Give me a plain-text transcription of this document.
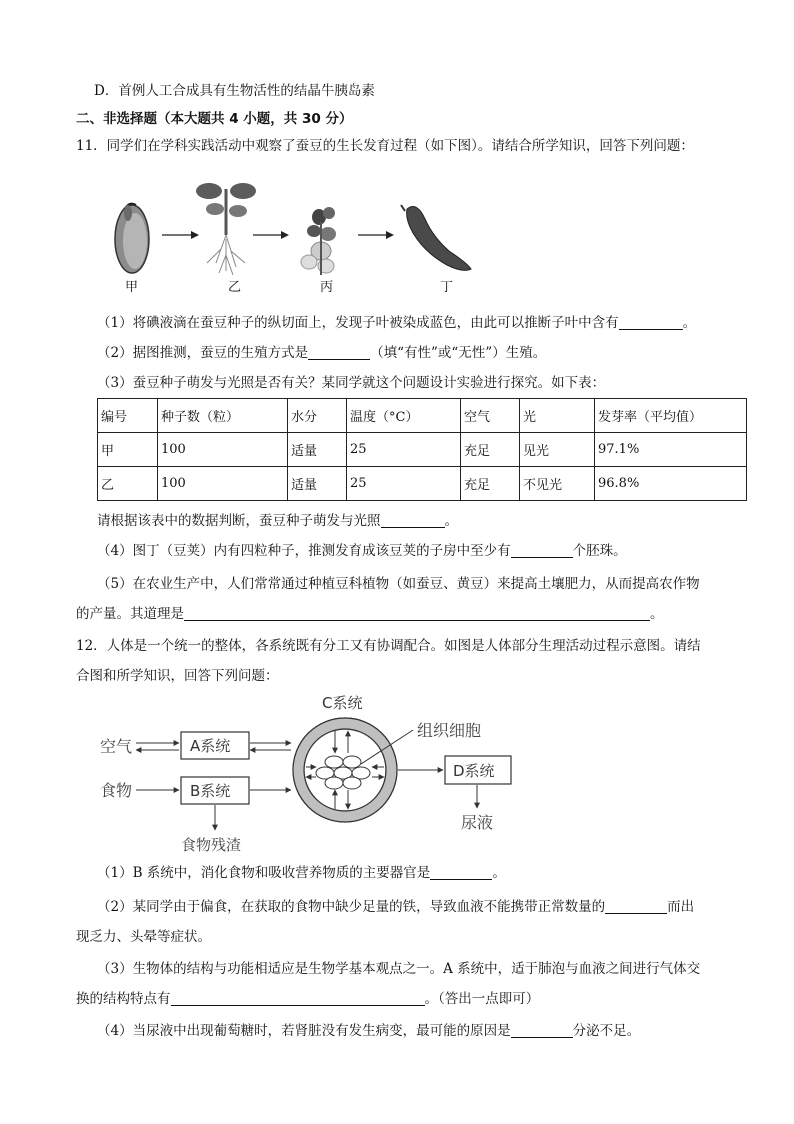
D．首例人工合成具有生物活性的结晶牛胰岛素
二、非选择题（本大题共 4 小题，共 30 分）
11．同学们在学科实践活动中观察了蚕豆的生长发育过程（如下图）。请结合所学知识，回答下列问题：
甲	乙	丙	丁
（1）将碘液滴在蚕豆种子的纵切面上，发现子叶被染成蓝色，由此可以推断子叶中含有	。
（2）据图推测，蚕豆的生殖方式是	（填“有性”或“无性”）生殖。
（3）蚕豆种子萌发与光照是否有关？某同学就这个问题设计实验进行探究。如下表：
编号	种子数（粒）	水分	温度（°C）	空气	光	发芽率（平均值）
甲	100	适量	25	充足	见光	97.1%
乙	100	适量	25	充足	不见光	96.8%
请根据该表中的数据判断，蚕豆种子萌发与光照	。
（4）图丁（豆荚）内有四粒种子，推测发育成该豆荚的子房中至少有	个胚珠。
（5）在农业生产中，人们常常通过种植豆科植物（如蚕豆、黄豆）来提高土壤肥力，从而提高农作物
的产量。其道理是	。
12．人体是一个统一的整体，各系统既有分工又有协调配合。如图是人体部分生理活动过程示意图。请结
合图和所学知识，回答下列问题：
空气
食物
A系统
B系统
食物残渣
C系统
组织细胞
D系统
尿液
（1）B 系统中，消化食物和吸收营养物质的主要器官是	。
（2）某同学由于偏食，在获取的食物中缺少足量的铁，导致血液不能携带正常数量的	而出
现乏力、头晕等症状。
（3）生物体的结构与功能相适应是生物学基本观点之一。A 系统中，适于肺泡与血液之间进行气体交
换的结构特点有	。（答出一点即可）
（4）当尿液中出现葡萄糖时，若肾脏没有发生病变，最可能的原因是	分泌不足。
